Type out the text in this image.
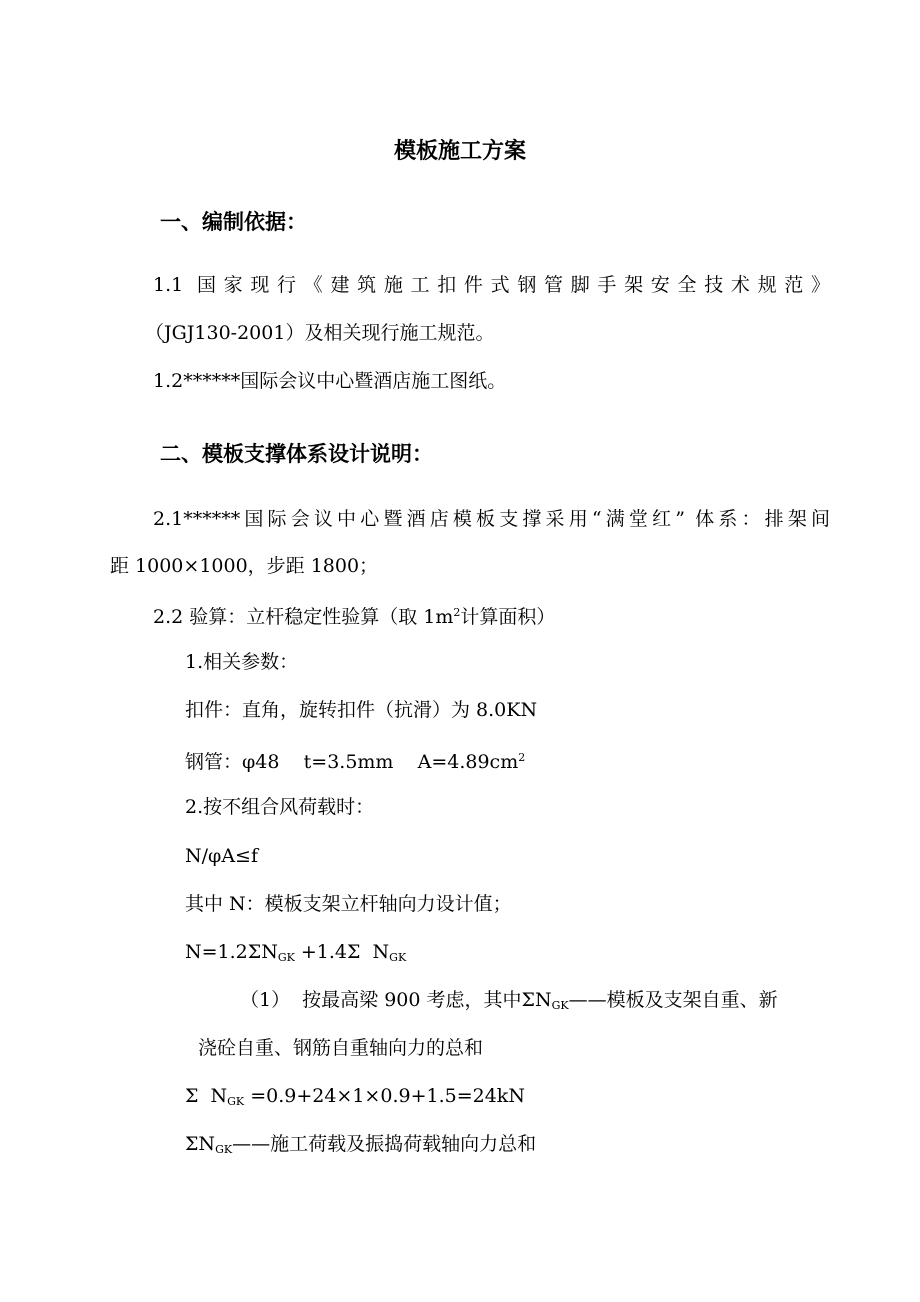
模板施工方案
一、编制依据：
1.1 国家现行《建筑施工扣件式钢管脚手架安全技术规范》
（JGJ130-2001）及相关现行施工规范。
1.2******国际会议中心暨酒店施工图纸。
二、模板支撑体系设计说明：
2.1******国际会议中心暨酒店模板支撑采用“满堂红” 体系：排架间
距 1000×1000，步距 1800；
2.2 验算：立杆稳定性验算（取 $1m^2$计算面积）
1.相关参数：
扣件：直角，旋转扣件（抗滑）为 8.0KN
钢管：φ48    t=3.5mm    $A=4.89cm^2$
2.按不组合风荷载时：
N/φA≤f
其中 N：模板支架立杆轴向力设计值；
$N=1.2\Sigma N_{GK} +1.4\Sigma$  $N_{GK}$
（1）  按最高梁 900 考虑，其中$\Sigma N_{GK}——$模板及支架自重、新
浇砼自重、钢筋自重轴向力的总和
Σ  $N_{GK} =0.9+24\times 1\times 0.9+1.5=24kN$
$\Sigma N_{GK}——$施工荷载及振捣荷载轴向力总和
